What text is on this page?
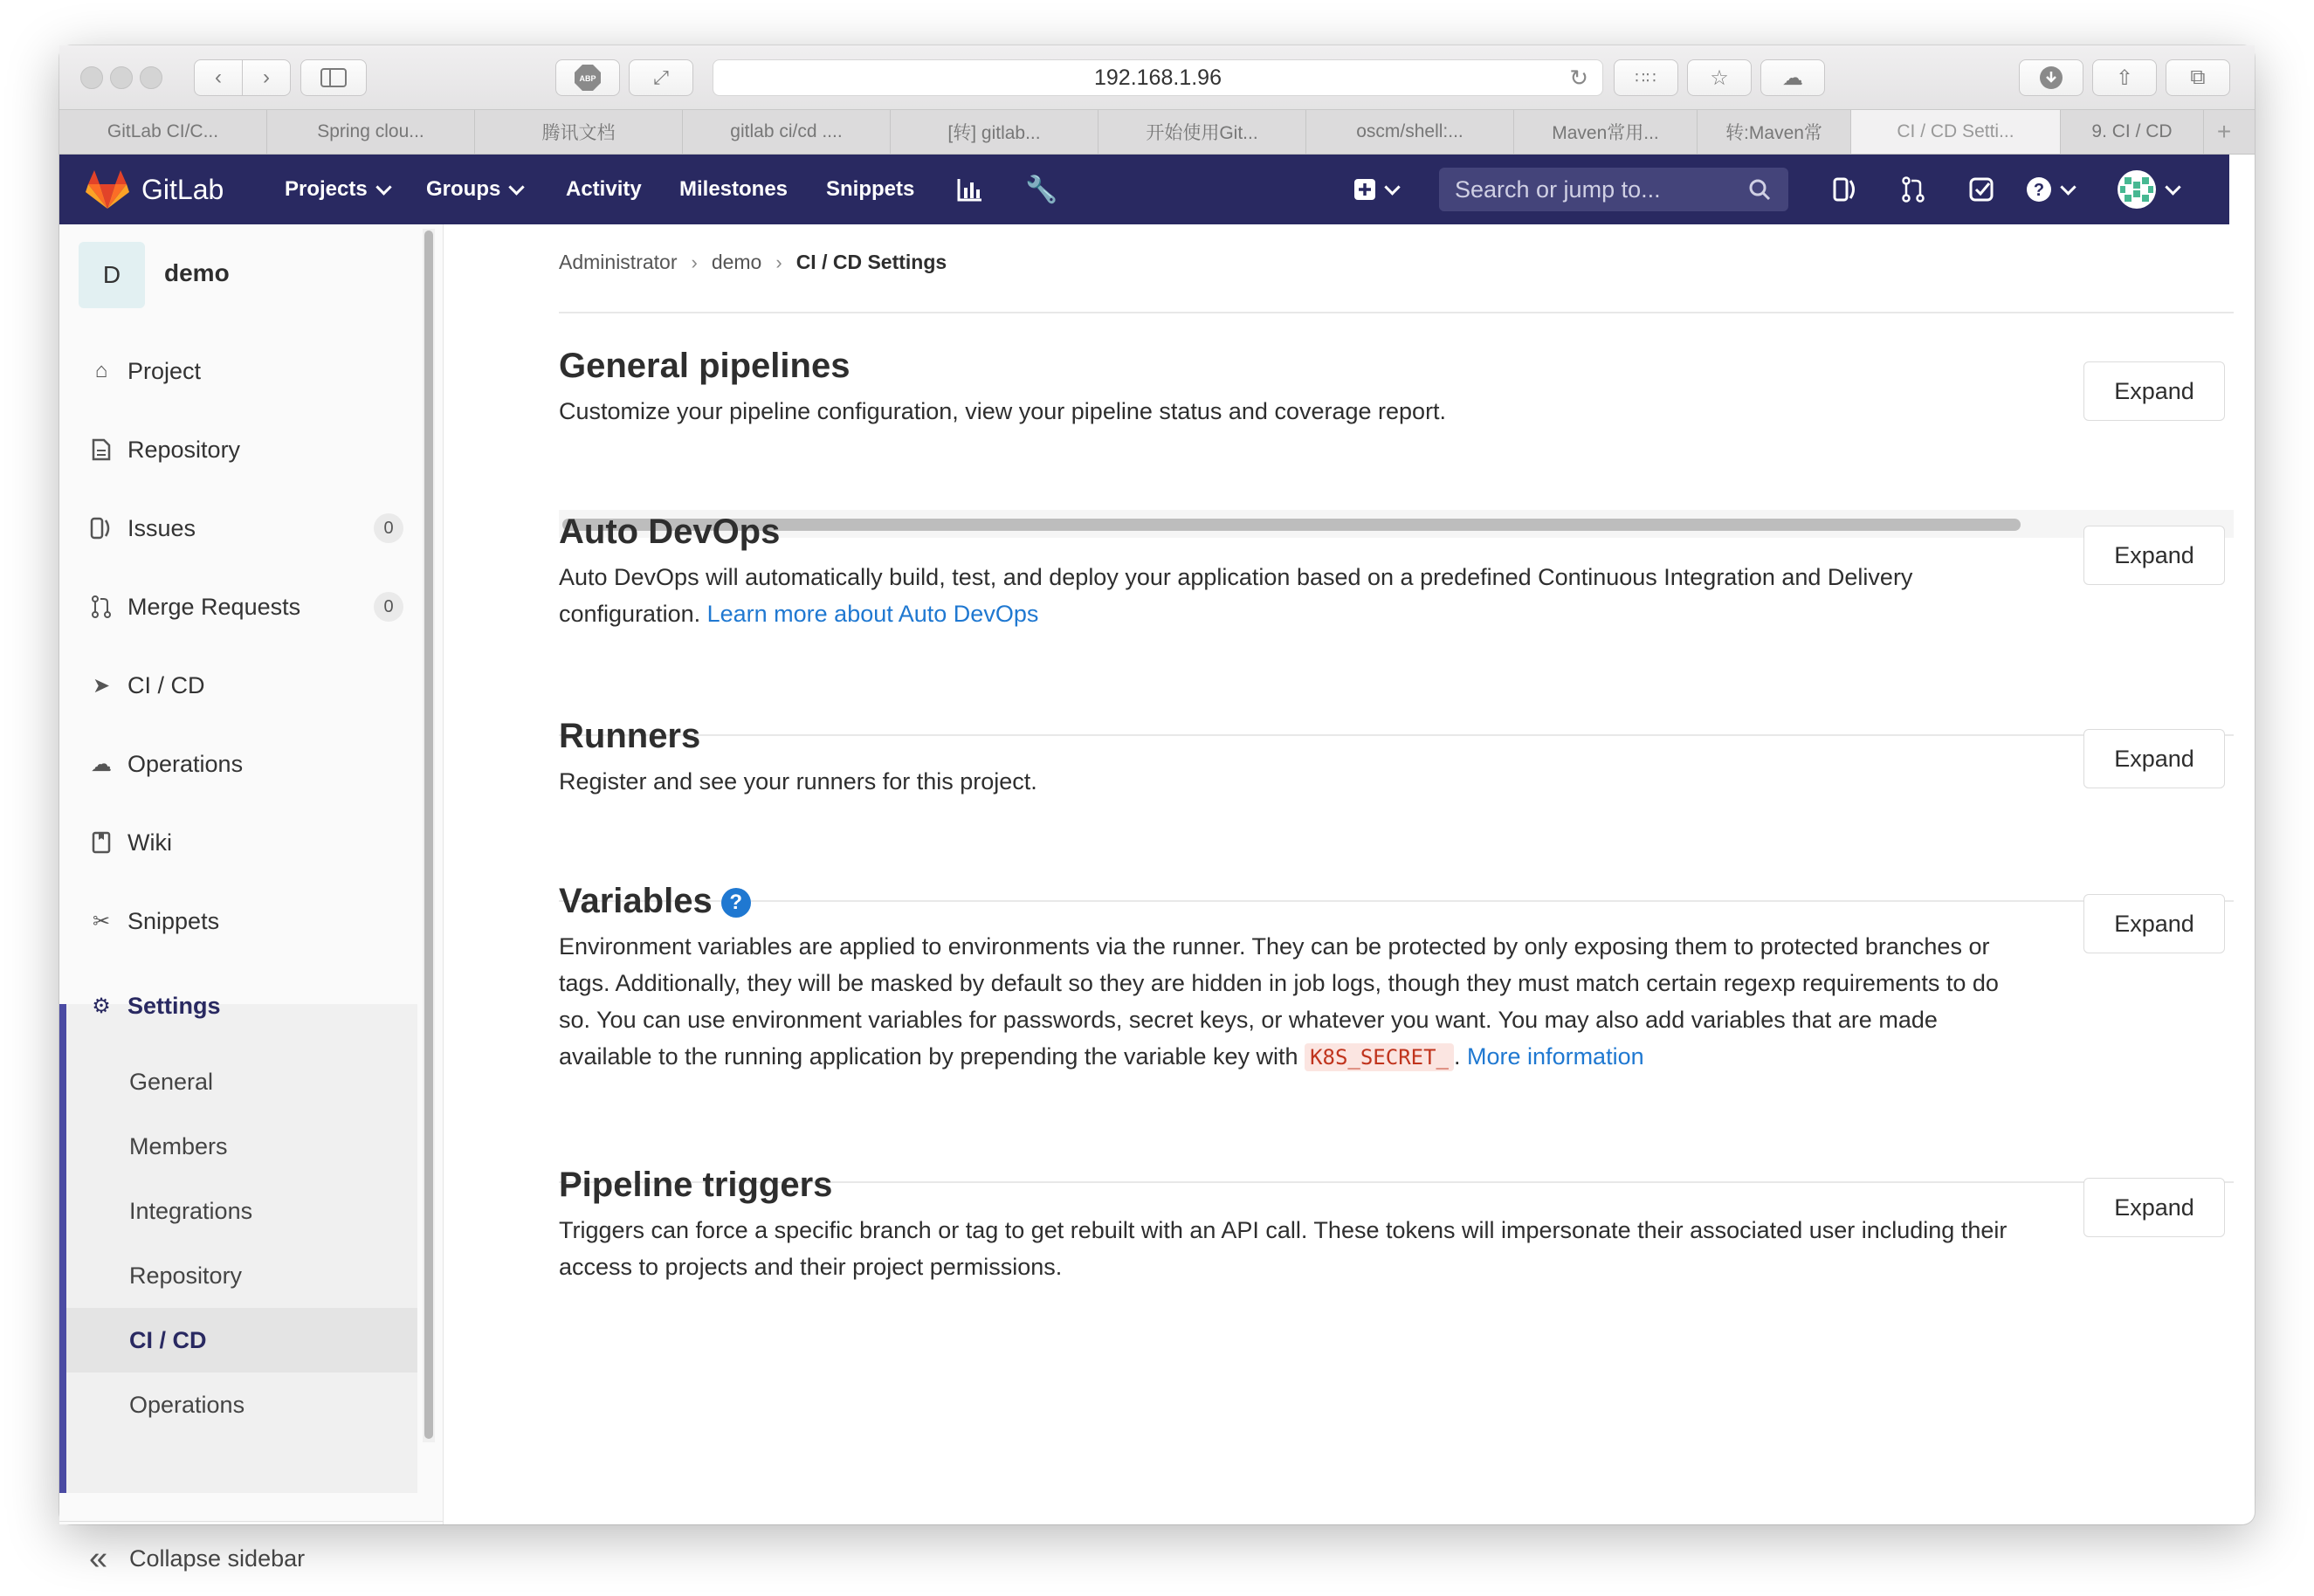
‹ ›	ABP	⤢	192.168.1.96	↻	∷∷	☆	☁	⇧	⧉
GitLab CI/C...	Spring clou...	腾讯文档	gitlab ci/cd ....	[转] gitlab...	开始使用Git...	oscm/shell:...	Maven常用...	转:Maven常	CI / CD Setti...	9. CI / CD	+
GitLab	Projects	Groups	Activity Milestones Snippets	🔧	Search or jump to...	?
D	demo
⌂ Project
Repository
Issues	0
Merge Requests	0
➤ CI / CD
☁ Operations
Wiki
✂ Snippets
⚙ Settings
General
Members
Integrations
Repository
CI / CD
Operations
« Collapse sidebar
Administrator › demo › CI / CD Settings
General pipelines
Customize your pipeline configuration, view your pipeline status and coverage report.
Expand
Auto DevOps
Auto DevOps will automatically build, test, and deploy your application based on a predefined Continuous Integration and Delivery configuration. Learn more about Auto DevOps
Expand
Runners
Register and see your runners for this project.
Expand
Variables ?
Environment variables are applied to environments via the runner. They can be protected by only exposing them to protected branches or tags. Additionally, they will be masked by default so they are hidden in job logs, though they must match certain regexp requirements to do so. You can use environment variables for passwords, secret keys, or whatever you want. You may also add variables that are made available to the running application by prepending the variable key with K8S_SECRET_ . More information
Expand
Pipeline triggers
Triggers can force a specific branch or tag to get rebuilt with an API call. These tokens will impersonate their associated user including their access to projects and their project permissions.
Expand
